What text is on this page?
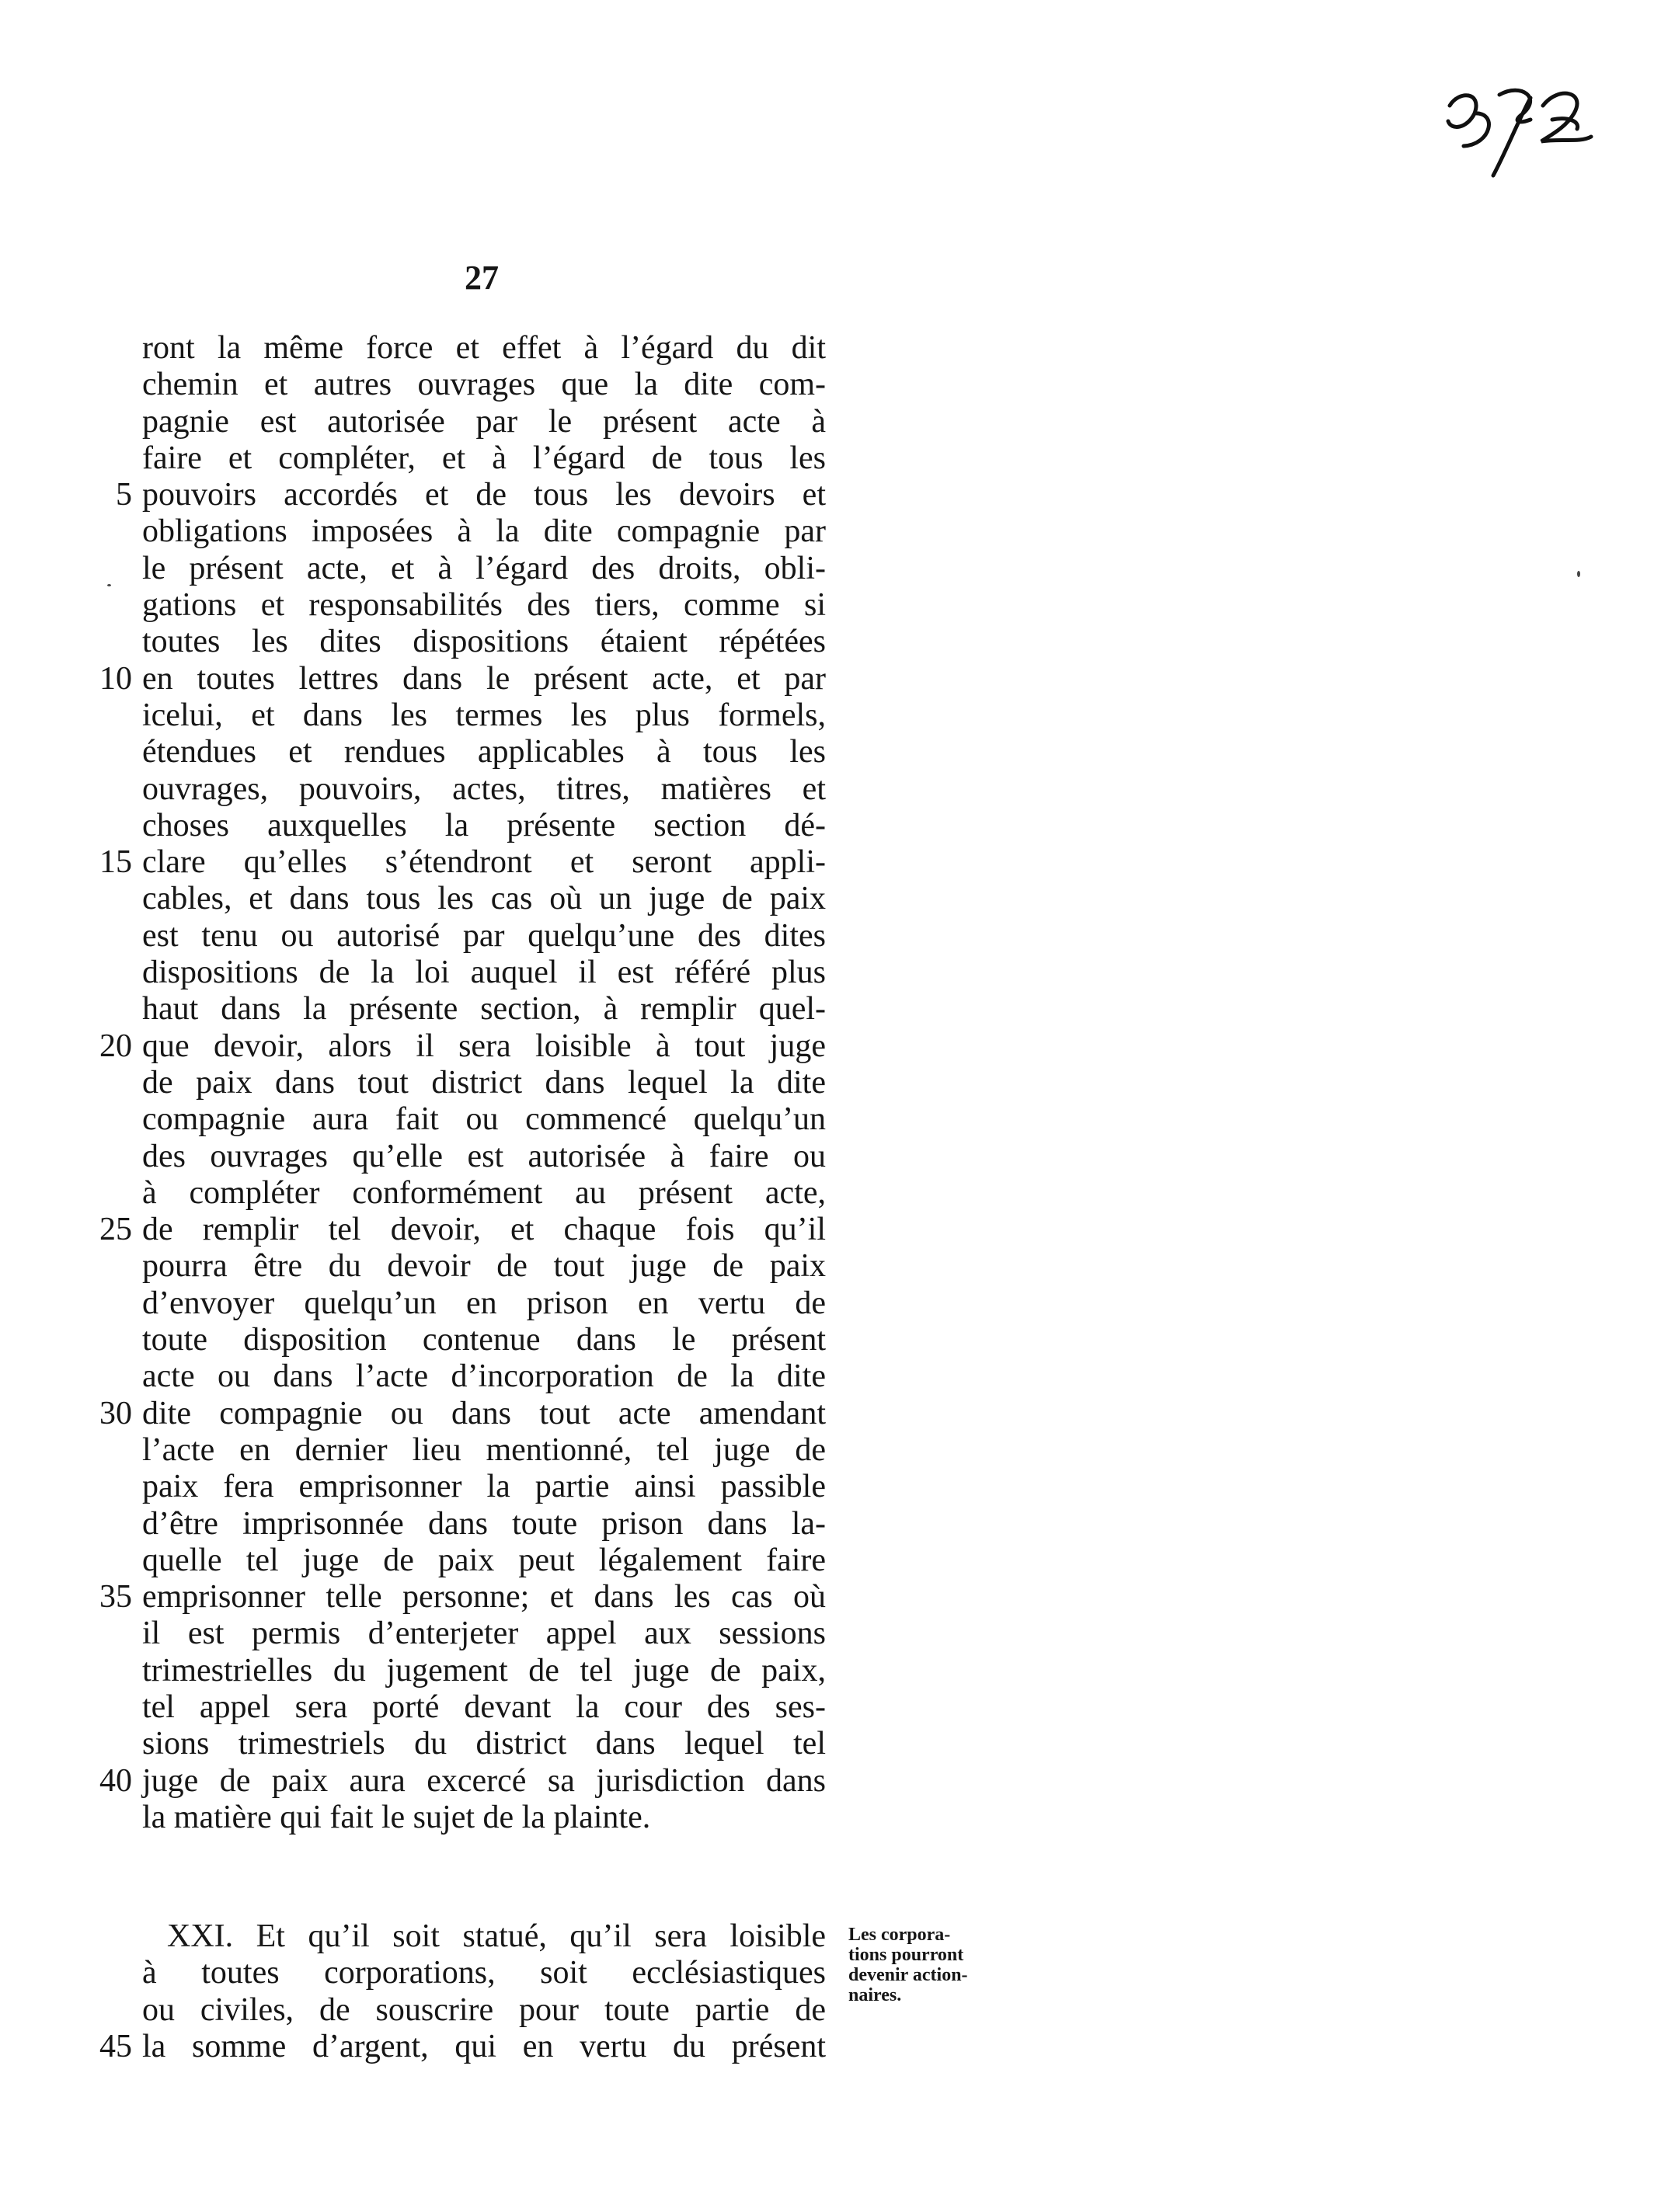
27
ront la même force et effet à l’égard du dit
chemin et autres ouvrages que la dite com-
pagnie est autorisée par le présent acte à
faire et compléter, et à l’égard de tous les
5 pouvoirs accordés et de tous les devoirs et
obligations imposées à la dite compagnie par
le présent acte, et à l’égard des droits, obli-
gations et responsabilités des tiers, comme si
toutes les dites dispositions étaient répétées
10 en toutes lettres dans le présent acte, et par
icelui, et dans les termes les plus formels,
étendues et rendues applicables à tous les
ouvrages, pouvoirs, actes, titres, matières et
choses auxquelles la présente section dé-
15 clare qu’elles s’étendront et seront appli-
cables, et dans tous les cas où un juge de paix
est tenu ou autorisé par quelqu’une des dites
dispositions de la loi auquel il est référé plus
haut dans la présente section, à remplir quel-
20 que devoir, alors il sera loisible à tout juge
de paix dans tout district dans lequel la dite
compagnie aura fait ou commencé quelqu’un
des ouvrages qu’elle est autorisée à faire ou
à compléter conformément au présent acte,
25 de remplir tel devoir, et chaque fois qu’il
pourra être du devoir de tout juge de paix
d’envoyer quelqu’un en prison en vertu de
toute disposition contenue dans le présent
acte ou dans l’acte d’incorporation de la dite
30 dite compagnie ou dans tout acte amendant
l’acte en dernier lieu mentionné, tel juge de
paix fera emprisonner la partie ainsi passible
d’être imprisonnée dans toute prison dans la-
quelle tel juge de paix peut légalement faire
35 emprisonner telle personne; et dans les cas où
il est permis d’enterjeter appel aux sessions
trimestrielles du jugement de tel juge de paix,
tel appel sera porté devant la cour des ses-
sions trimestriels du district dans lequel tel
40 juge de paix aura excercé sa jurisdiction dans
la matière qui fait le sujet de la plainte.
XXI. Et qu’il soit statué, qu’il sera loisible
à toutes corporations, soit ecclésiastiques
ou civiles, de souscrire pour toute partie de
45 la somme d’argent, qui en vertu du présent
Les corpora-
tions pourront
devenir action-
naires.
